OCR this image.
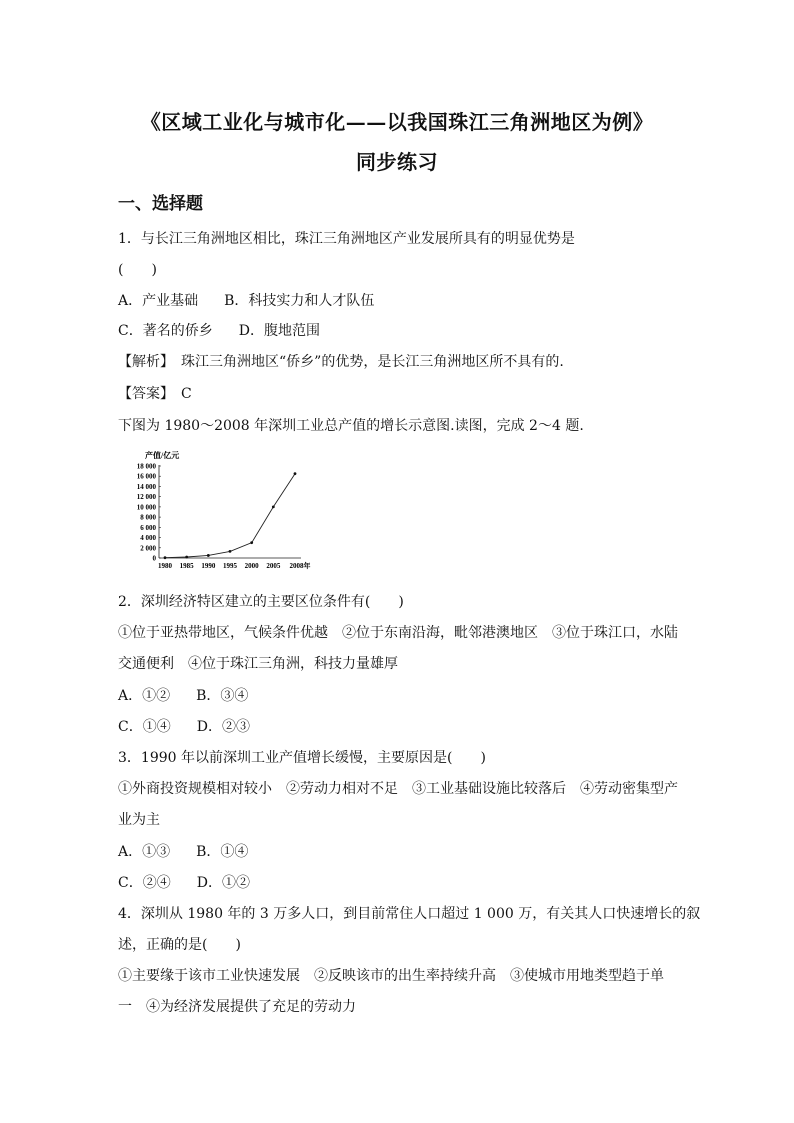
《区域工业化与城市化——以我国珠江三角洲地区为例》
同步练习
一、选择题
1．与长江三角洲地区相比，珠江三角洲地区产业发展所具有的明显优势是
(　　)
A．产业基础 B．科技实力和人才队伍
C．著名的侨乡 D．腹地范围
【解析】　珠江三角洲地区“侨乡”的优势，是长江三角洲地区所不具有的.
【答案】　C
下图为 1980～2008 年深圳工业总产值的增长示意图.读图，完成 2～4 题.
产值/亿元
0
2 000
4 000
6 000
8 000
10 000
12 000
14 000
16 000
18 000
1980 1985 1990 1995 2000 2005 2008年
2．深圳经济特区建立的主要区位条件有(　　)
①位于亚热带地区，气候条件优越　②位于东南沿海，毗邻港澳地区　③位于珠江口，水陆
交通便利　④位于珠江三角洲，科技力量雄厚
A．①② B．③④
C．①④ D．②③
3．1990 年以前深圳工业产值增长缓慢，主要原因是(　　)
①外商投资规模相对较小　②劳动力相对不足　③工业基础设施比较落后　④劳动密集型产
业为主
A．①③ B．①④
C．②④ D．①②
4．深圳从 1980 年的 3 万多人口，到目前常住人口超过 1 000 万，有关其人口快速增长的叙
述，正确的是(　　)
①主要缘于该市工业快速发展　②反映该市的出生率持续升高　③使城市用地类型趋于单
一　④为经济发展提供了充足的劳动力
